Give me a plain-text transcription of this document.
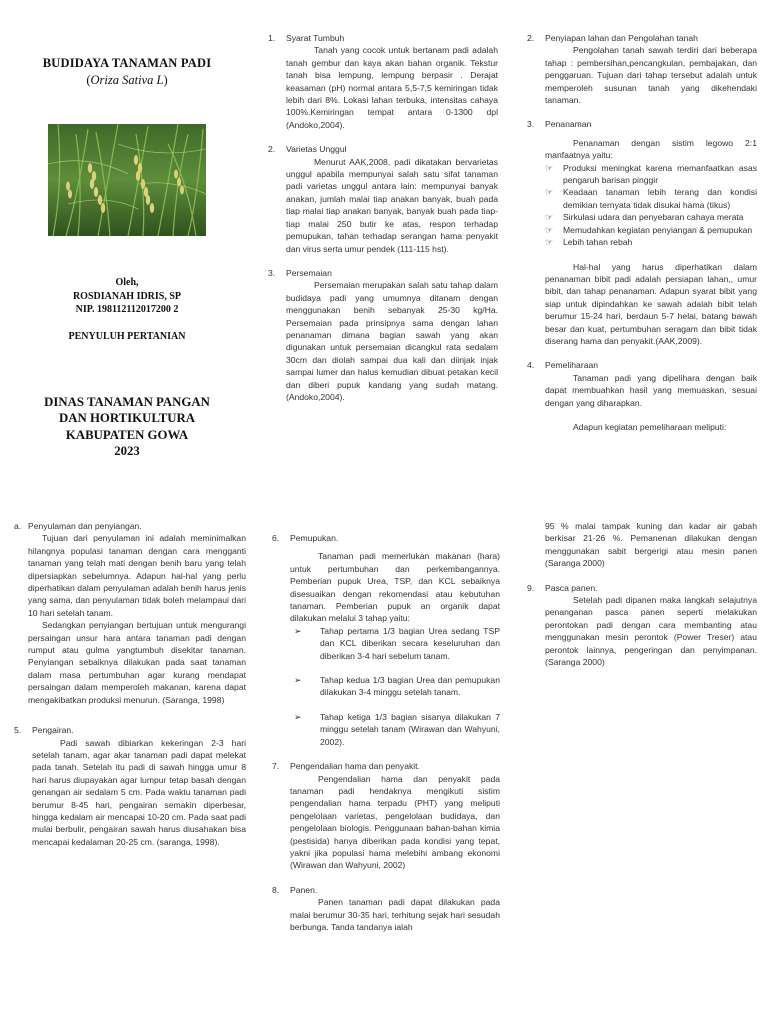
BUDIDAYA TANAMAN PADI
(Oriza Sativa L)
Oleh,
ROSDIANAH IDRIS, SP
NIP. 198112112017200 2
PENYULUH PERTANIAN
DINAS TANAMAN PANGAN
DAN HORTIKULTURA
KABUPATEN GOWA
2023
1. Syarat Tumbuh

Tanah yang cocok untuk bertanam padi adalah tanah gembur dan kaya akan bahan organik. Tekstur tanah bisa lempung, lempung berpasir . Derajat keasaman (pH) normal antara 5,5-7,5 kemiringan tidak lebih dari 8%. Lokasi lahan terbuka, intensitas cahaya 100%.Kemiringan tempat antara 0-1300 dpl (Andoko,2004).

2. Varietas Unggul

Menurut AAK,2008, padi dikatakan bervarietas unggul apabila mempunyai salah satu sifat tanaman padi varietas unggul antara lain: mempunyai banyak anakan, jumlah malai tiap anakan banyak, buah pada tiap malai tiap anakan banyak, banyak buah pada tiap-tiap malai 250 butir ke atas, respon terhadap pemupukan, tahan terhadap serangan hama penyakit dan virus serta umur pendek (111-115 hst).

3. Persemaian

Persemaian merupakan salah satu tahap dalam budidaya padi yang umumnya ditanam dengan menggunakan benih sebanyak 25-30 kg/Ha. Persemaian pada prinsipnya sama dengan lahan penanaman dimana bagian sawah yang akan digunakan untuk persemaian dicangkul rata sedalam 30cm dan diolah sampai dua kali dan diinjak injak sampai lumer dan halus kemudian dibuat petakan kecil dan diberi pupuk kandang yang sudah matang. (Andoko,2004).

2. Penyiapan lahan dan Pengolahan tanah

Pengolahan tanah sawah terdiri dari beberapa tahap : pembersihan,pencangkulan, pembajakan, dan penggaruan. Tujuan dari tahap tersebut adalah untuk memperoleh susunan tanah yang dikehendaki tanaman.

3. Penanaman

Penanaman dengan sistim legowo 2:1 manfaatnya yaitu:

☞ Produksi meningkat karena memanfaatkan asas pengaruh barisan pinggir
☞ Keadaan tanaman lebih terang dan kondisi demikian ternyata tidak disukai hama (tikus)
☞ Sirkulasi udara dan penyebaran cahaya merata
☞ Memudahkan kegiatan penyiangan & pemupukan
☞ Lebih tahan rebah

Hal-hal yang harus diperhatikan dalam penanaman bibit padi adalah persiapan lahan,, umur bibit, dan tahap penanaman. Adapun syarat bibit yang siap untuk dipindahkan ke sawah adalah bibit telah berumur 15-24 hari, berdaun 5-7 helai, batang bawah besar dan kuat, pertumbuhan seragam dan bibit tidak diserang hama dan penyakit.(AAK,2009).

4. Pemeliharaan

Tanaman padi yang dipelihara dengan baik dapat membuahkan hasil yang memuaskan, sesuai dengan yang diharapkan.

Adapun kegiatan pemeliharaan meliputi:

a. Penyulaman dan penyiangan.

Tujuan dari penyulaman ini adalah meminimalkan hilangnya populasi tanaman dengan cara mengganti tanaman yang telah mati dengan benih baru yang telah dipersiapkan sebelumnya. Adapun hal-hal yang perlu diperhatikan dalam penyulaman adalah benih harus jenis yang sama, dan penyulaman tidak boleh melampaui dari 10 hari setelah tanam.

Sedangkan penyiangan bertujuan untuk mengurangi persaingan unsur hara antara tanaman padi dengan rumput atau gulma yangtumbuh disekitar tanaman. Penyiangan sebaiknya dilakukan pada saat tanaman dalam masa pertumbuhan agar kurang mendapat persaingan dalam memperoleh makanan, karena dapat mengakibatkan produksi menurun. (Saranga, 1998)

5. Pengairan.

Padi sawah dibiarkan kekeringan 2-3 hari setelah tanam, agar akar tanaman padi dapat melekat pada tanah. Setelah itu padi di sawah hingga umur 8 hari harus diupayakan agar lumpur tetap basah dengan genangan air sedalam 5 cm. Pada waktu tanaman padi berumur 8-45 hari, pengairan semakin diperbesar, hingga kedalam air mencapai 10-20 cm. Pada saat padi mulai berbulir, pengairan sawah harus diusahakan bisa mencapai kedalaman 20-25 cm. (saranga, 1998).

6. Pemupukan.

Tanaman padi memerlukan makanan (hara) untuk pertumbuhan dan perkembangannya. Pemberian pupuk Urea, TSP, dan KCL sebaiknya disesuaikan dengan rekomendasi atau kebutuhan tanaman. Pemberian pupuk an organik dapat dilakukan melalui 3 tahap yaitu:

➢ Tahap pertama 1/3 bagian Urea sedang TSP dan KCL diberikan secara keseluruhan dan diberikan 3-4 hari sebelum tanam.
➢ Tahap kedua 1/3 bagian Urea dan pemupukan dilakukan 3-4 minggu setelah tanam.
➢ Tahap ketiga 1/3 bagian sisanya dilakukan 7 minggu setelah tanam (Wirawan dan Wahyuni, 2002).
7. Pengendalian hama dan penyakit.

Pengendalian hama dan penyakit pada tanaman padi hendaknya mengikuti sistim pengendalian hama terpadu (PHT) yang meliputi pengelolaan varietas, pengelolaan budidaya, dan pengelolaan biologis. Penggunaan bahan-bahan kimia (pestisida) hanya diberikan pada kondisi yang tepat, yakni jika populasi hama melebihi ambang ekonomi (Wirawan dan Wahyuni, 2002)

8. Panen.

Panen tanaman padi dapat dilakukan pada malai berumur 30-35 hari, terhitung sejak hari sesudah berbunga. Tanda tandanya ialah

95 % malai tampak kuning dan kadar air gabah berkisar 21-26 %. Pemanenan dilakukan dengan menggunakan sabit bergerigi atau mesin panen (Saranga 2000)

9. Pasca panen.

Setelah padi dipanen maka langkah selajutnya penanganan pasca panen seperti melakukan perontokan padi dengan cara membanting atau menggunakan mesin perontok (Power Treser) atau perontok lainnya, pengeringan dan penyimpanan. (Saranga 2000)
